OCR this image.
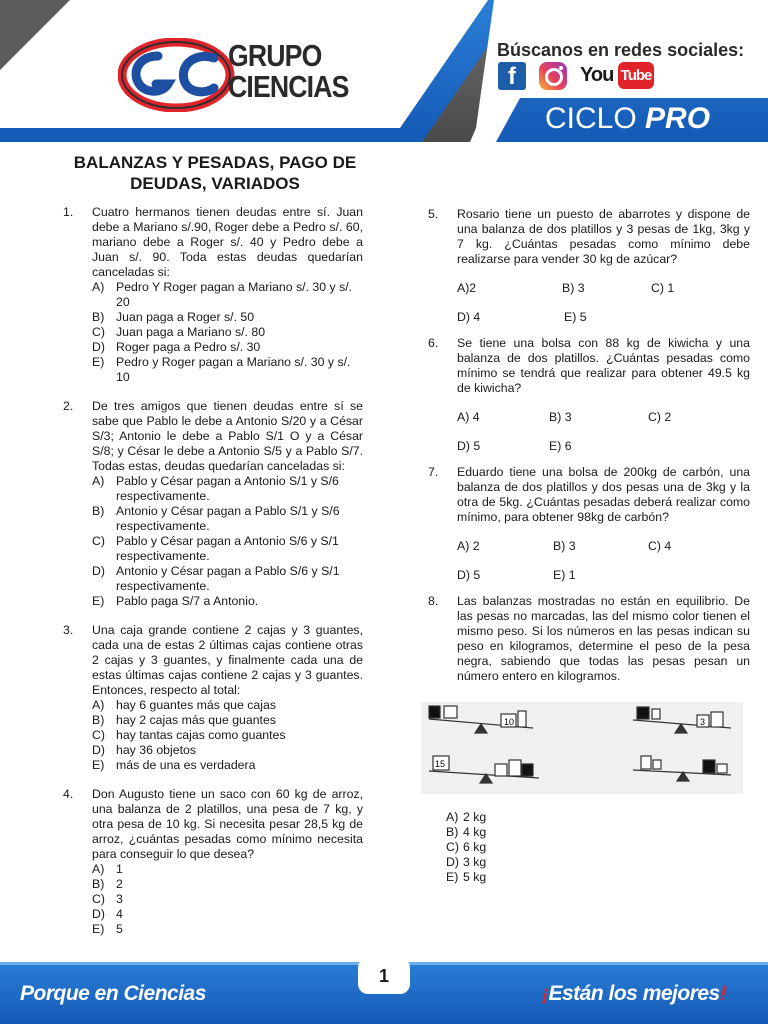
GRUPO
CIENCIAS
Material Extra
Búscanos en redes sociales:
f	You Tube
CICLO PRO
BALANZAS Y PESADAS, PAGO DE DEUDAS, VARIADOS
1.	Cuatro hermanos tienen deudas entre sí. Juan debe a Mariano s/.90, Roger debe a Pedro s/. 60, mariano debe a Roger s/. 40 y Pedro debe a Juan s/. 90. Toda estas deudas quedarían canceladas si:
A) Pedro Y Roger pagan a Mariano s/. 30 y s/. 20
B) Juan paga a Roger s/. 50
C) Juan paga a Mariano s/. 80
D) Roger paga a Pedro s/. 30
E) Pedro y Roger pagan a Mariano s/. 30 y s/. 10
2.	De tres amigos que tienen deudas entre sí se sabe que Pablo le debe a Antonio S/20 y a César S/3; Antonio le debe a Pablo S/1 O y a César S/8; y César le debe a Antonio S/5 y a Pablo S/7. Todas estas, deudas quedarían canceladas si:
A) Pablo y César pagan a Antonio S/1 y S/6 respectivamente.
B) Antonio y César pagan a Pablo S/1 y S/6 respectivamente.
C) Pablo y César pagan a Antonio S/6 y S/1 respectivamente.
D) Antonio y César pagan a Pablo S/6 y S/1 respectivamente.
E) Pablo paga S/7 a Antonio.
3.	Una caja grande contiene 2 cajas y 3 guantes, cada una de estas 2 últimas cajas contiene otras 2 cajas y 3 guantes, y finalmente cada una de estas últimas cajas contiene 2 cajas y 3 guantes. Entonces, respecto al total:
A) hay 6 guantes más que cajas
B) hay 2 cajas más que guantes
C) hay tantas cajas como guantes
D) hay 36 objetos
E) más de una es verdadera
4.	Don Augusto tiene un saco con 60 kg de arroz, una balanza de 2 platillos, una pesa de 7 kg, y otra pesa de 10 kg. Si necesita pesar 28,5 kg de arroz, ¿cuántas pesadas como mínimo necesita para conseguir lo que desea?
A) 1
B) 2
C) 3
D) 4
E) 5
5.	Rosario tiene un puesto de abarrotes y dispone de una balanza de dos platillos y 3 pesas de 1kg, 3kg y 7 kg. ¿Cuántas pesadas como mínimo debe realizarse para vender 30 kg de azúcar?
A)2	B) 3	C) 1
D) 4	E) 5
6.	Se tiene una bolsa con 88 kg de kiwicha y una balanza de dos platillos. ¿Cuántas pesadas como mínimo se tendrá que realizar para obtener 49.5 kg de kiwicha?
A) 4	B) 3	C) 2
D) 5	E) 6
7.	Eduardo tiene una bolsa de 200kg de carbón, una balanza de dos platillos y dos pesas una de 3kg y la otra de 5kg. ¿Cuántas pesadas deberá realizar como mínimo, para obtener 98kg de carbón?
A) 2	B) 3	C) 4
D) 5	E) 1
8.	Las balanzas mostradas no están en equilibrio. De las pesas no marcadas, las del mismo color tienen el mismo peso. Si los números en las pesas indican su peso en kilogramos, determine el peso de la pesa negra, sabiendo que todas las pesas pesan un número entero en kilogramos.
10	3
15
A) 2 kg
B) 4 kg
C) 6 kg
D) 3 kg
E) 5 kg
1
Porque en Ciencias	¡Están los mejores!
